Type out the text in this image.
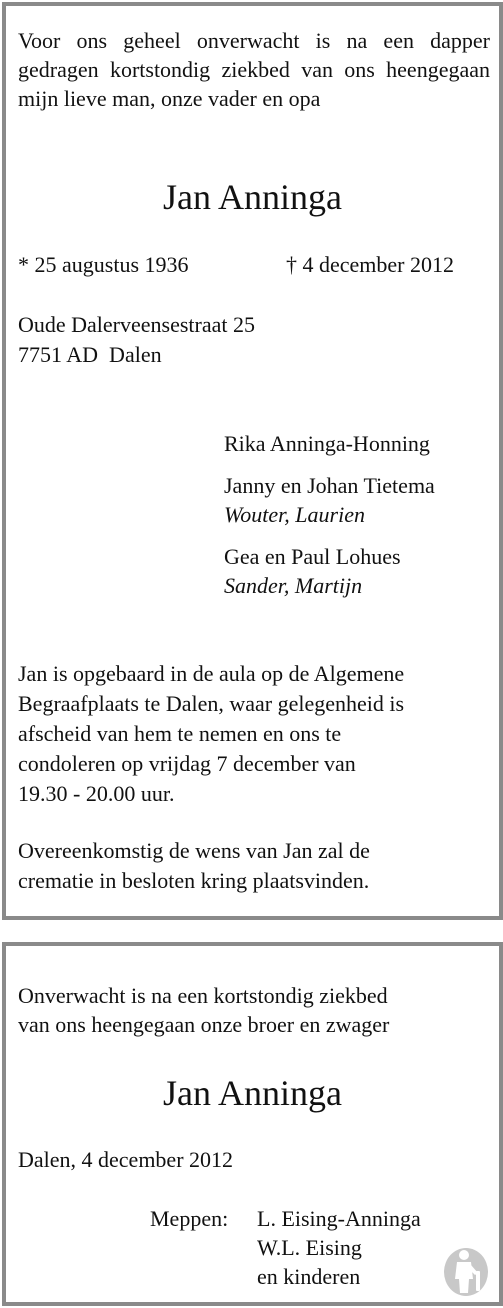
Voor ons geheel onverwacht is na een dapper gedragen kortstondig ziekbed van ons heengegaan mijn lieve man, onze vader en opa
Jan Anninga
* 25 augustus 1936	† 4 december 2012
Oude Dalerveensestraat 25
7751 AD  Dalen
Rika Anninga-Honning
Janny en Johan Tietema
Wouter, Laurien
Gea en Paul Lohues
Sander, Martijn
Jan is opgebaard in de aula op de Algemene
Begraafplaats te Dalen, waar gelegenheid is
afscheid van hem te nemen en ons te
condoleren op vrijdag 7 december van
19.30 - 20.00 uur.
Overeenkomstig de wens van Jan zal de
crematie in besloten kring plaatsvinden.
Onverwacht is na een kortstondig ziekbed
van ons heengegaan onze broer en zwager
Jan Anninga
Dalen, 4 december 2012
Meppen: L. Eising-Anninga
W.L. Eising
en kinderen
